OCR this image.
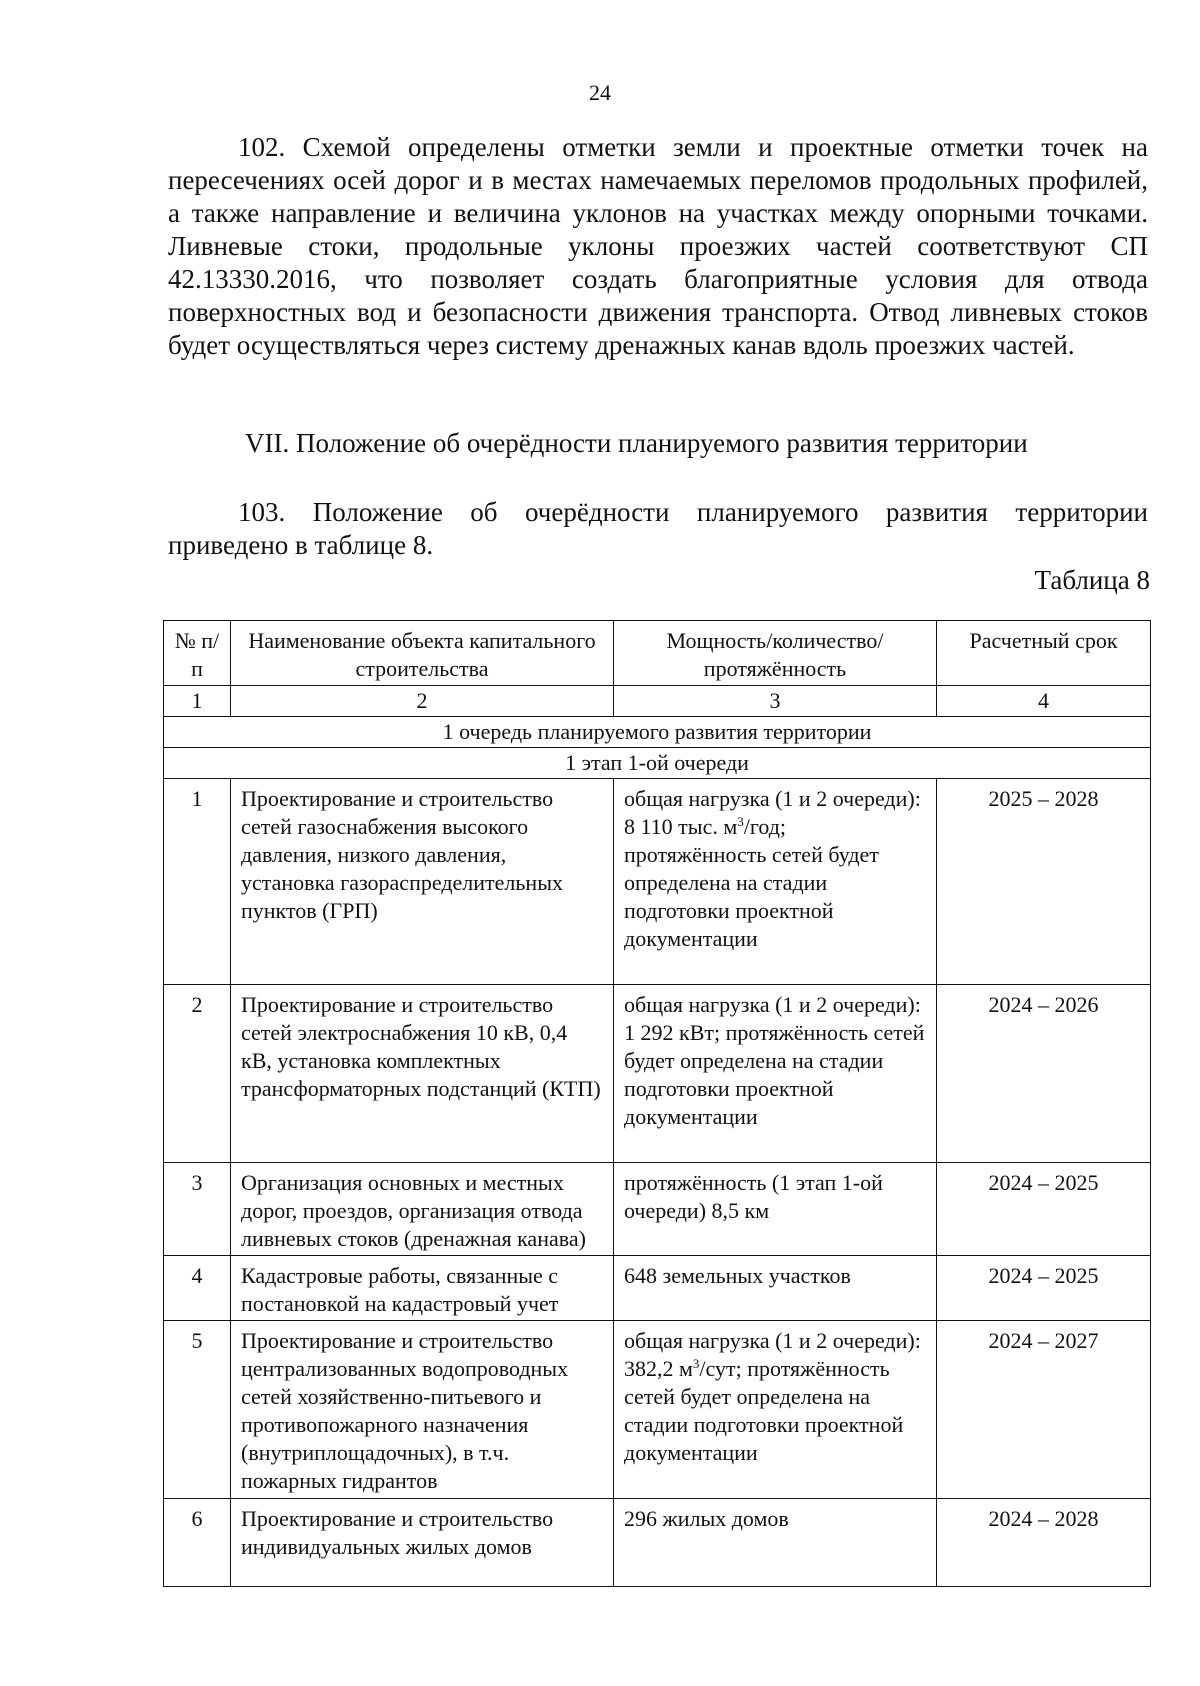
24

102. Схемой определены отметки земли и проектные отметки точек на пересечениях осей дорог и в местах намечаемых переломов продольных профилей, а также направление и величина уклонов на участках между опорными точками. Ливневые стоки, продольные уклоны проезжих частей соответствуют СП 42.13330.2016, что позволяет создать благоприятные условия для отвода поверхностных вод и безопасности движения транспорта. Отвод ливневых стоков будет осуществляться через систему дренажных канав вдоль проезжих частей.

VII. Положение об очерёдности планируемого развития территории

103. Положение об очерёдности планируемого развития территории приведено в таблице 8.

Таблица 8
№ п/п	Наименование объекта капитального строительства	Мощность/количество/ протяжённость	Расчетный срок
1	2	3	4
1 очередь планируемого развития территории			
1 этап 1-ой очереди			
1	Проектирование и строительство сетей газоснабжения высокого давления, низкого давления, установка газораспределительных пунктов (ГРП)	общая нагрузка (1 и 2 очереди): 8 110 тыс. $м^3$/год; протяжённость сетей будет определена на стадии подготовки проектной документации	2025 – 2028
2	Проектирование и строительство сетей электроснабжения 10 кВ, 0,4 кВ, установка комплектных трансформаторных подстанций (КТП)	общая нагрузка (1 и 2 очереди): 1 292 кВт; протяжённость сетей будет определена на стадии подготовки проектной документации	2024 – 2026
3	Организация основных и местных дорог, проездов, организация отвода ливневых стоков (дренажная канава)	протяжённость (1 этап 1-ой очереди) 8,5 км	2024 – 2025
4	Кадастровые работы, связанные с постановкой на кадастровый учет	648 земельных участков	2024 – 2025
5	Проектирование и строительство централизованных водопроводных сетей хозяйственно-питьевого и противопожарного назначения (внутриплощадочных), в т.ч. пожарных гидрантов	общая нагрузка (1 и 2 очереди): 382,2 $м^3$/сут; протяжённость сетей будет определена на стадии подготовки проектной документации	2024 – 2027
6	Проектирование и строительство индивидуальных жилых домов	296 жилых домов	2024 – 2028
